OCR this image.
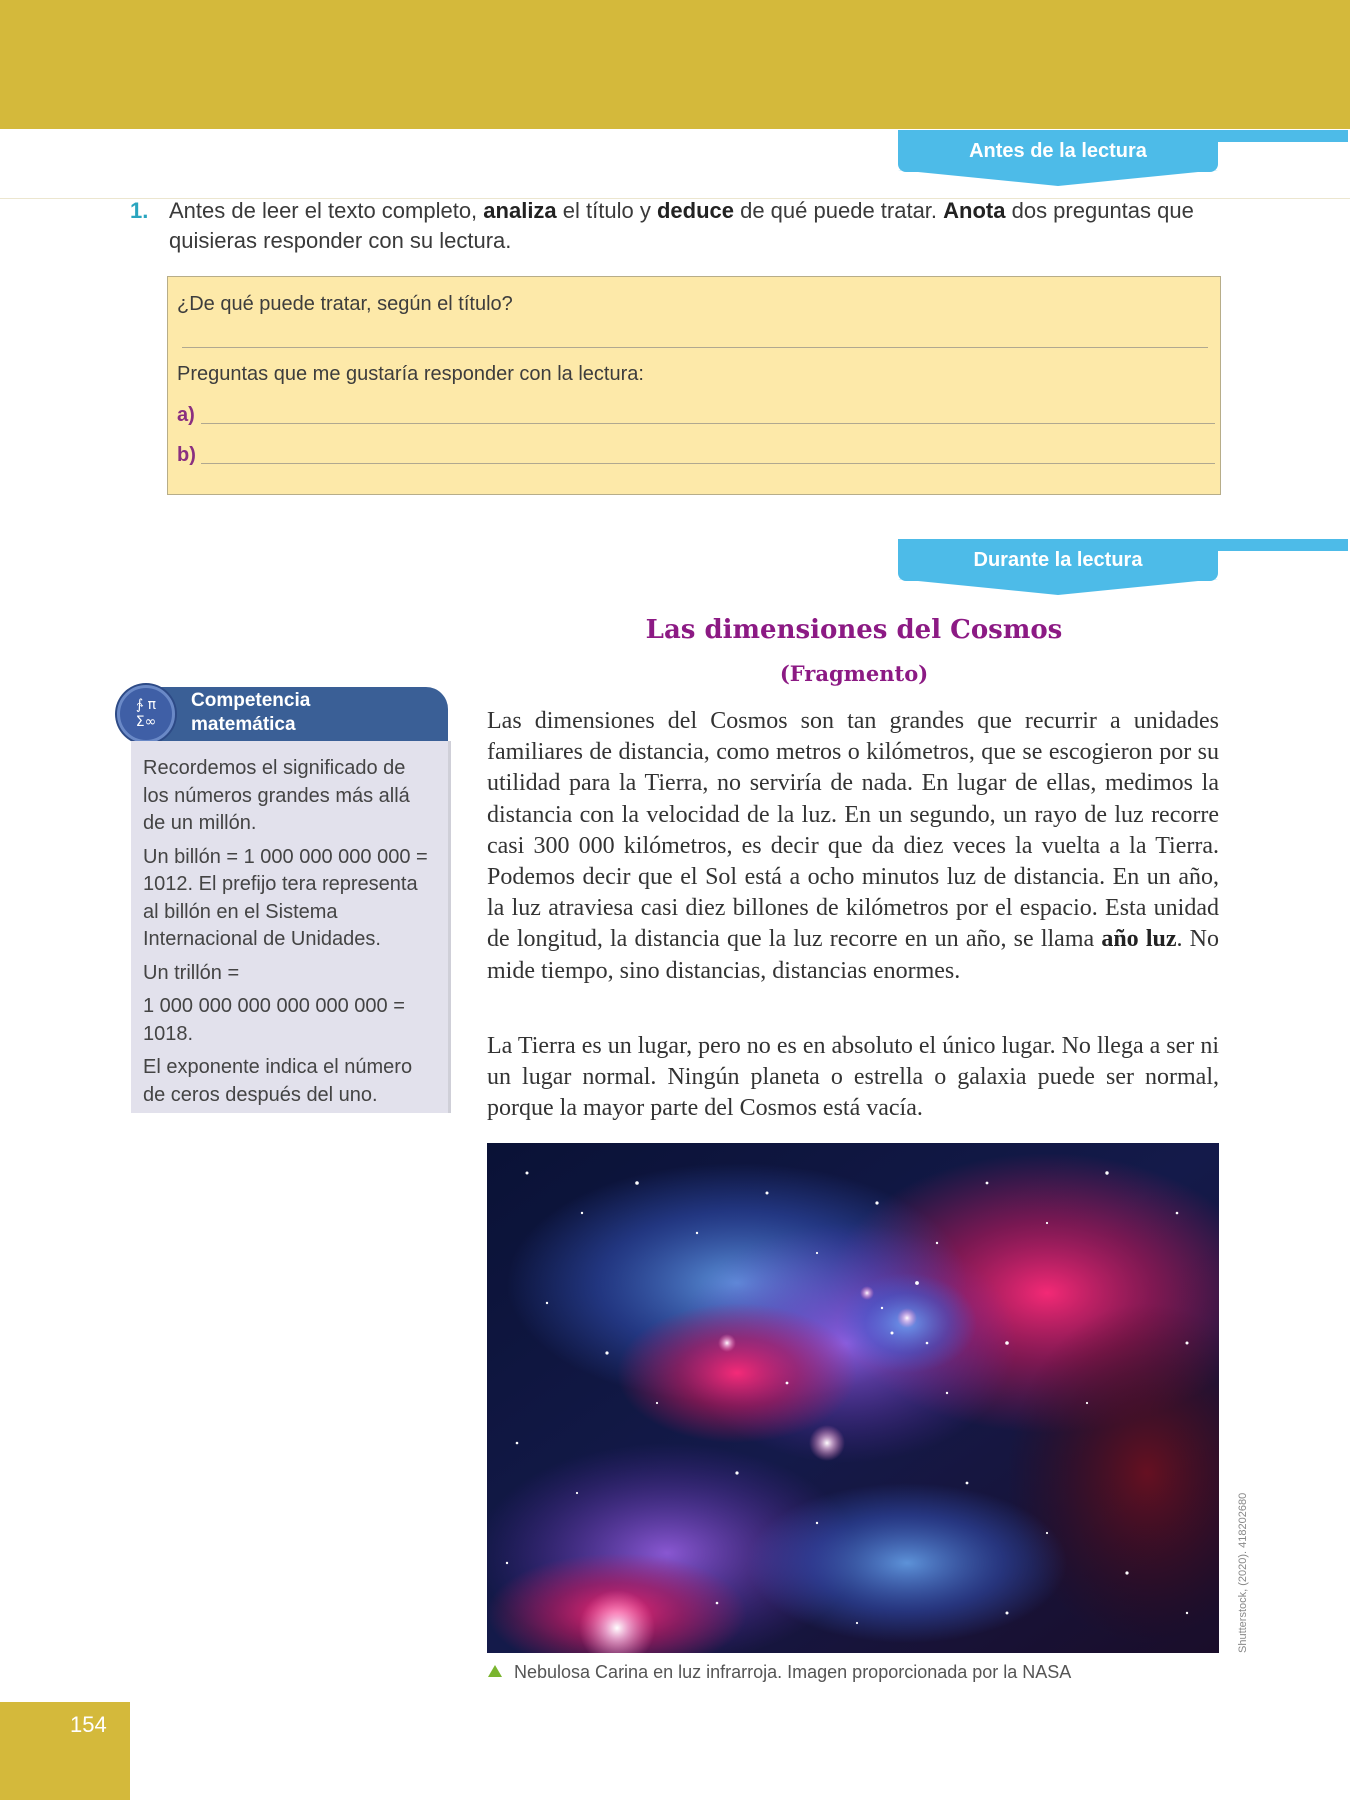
Antes de la lectura
1. Antes de leer el texto completo, analiza el título y deduce de qué puede tratar. Anota dos preguntas que quisieras responder con su lectura.
¿De qué puede tratar, según el título?
Preguntas que me gustaría responder con la lectura:
a)
b)
Durante la lectura
Las dimensiones del Cosmos
(Fragmento)
Las dimensiones del Cosmos son tan grandes que recurrir a unidades familiares de distancia, como metros o kilómetros, que se escogieron por su utilidad para la Tierra, no serviría de nada. En lugar de ellas, medimos la distancia con la velocidad de la luz. En un segundo, un rayo de luz recorre casi 300 000 kilómetros, es decir que da diez veces la vuelta a la Tierra. Podemos decir que el Sol está a ocho minutos luz de distancia. En un año, la luz atraviesa casi diez billones de kilómetros por el espacio. Esta unidad de longitud, la distancia que la luz recorre en un año, se llama año luz. No mide tiempo, sino distancias, distancias enormes.
La Tierra es un lugar, pero no es en absoluto el único lugar. No llega a ser ni un lugar normal. Ningún planeta o estrella o galaxia puede ser normal, porque la mayor parte del Cosmos está vacía.
Competencia
matemática
∱ π
Σ∞

Recordemos el significado de los números grandes más allá de un millón.

Un billón = 1 000 000 000 000 = 1012. El prefijo tera representa al billón en el Sistema Internacional de Unidades.

Un trillón =

1 000 000 000 000 000 000 = 1018.

El exponente indica el número de ceros después del uno.

Shutterstock, (2020). 418202680
Nebulosa Carina en luz infrarroja. Imagen proporcionada por la NASA
154
